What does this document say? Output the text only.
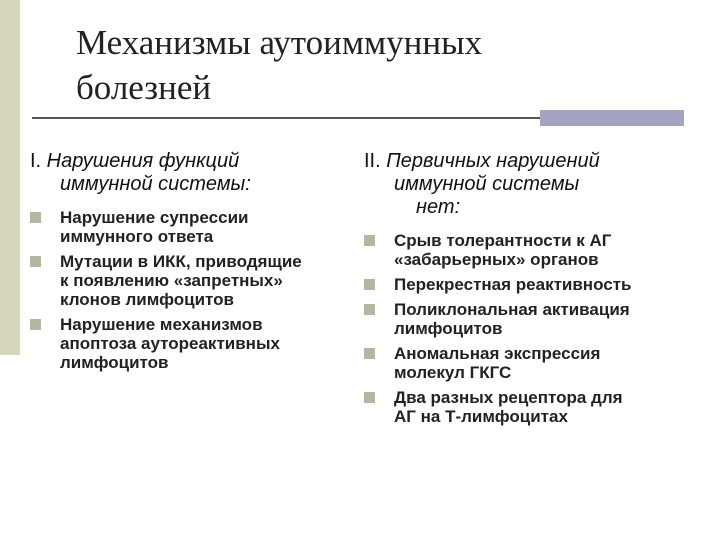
Механизмы аутоиммунных
болезней
I. Нарушения функций
иммунной системы:
Нарушение супрессии
иммунного ответа
Мутации в ИКК, приводящие
к появлению «запретных»
клонов лимфоцитов
Нарушение механизмов
апоптоза аутореактивных
лимфоцитов
II. Первичных нарушений
иммунной системы
нет:
Срыв толерантности к АГ
«забарьерных» органов
Перекрестная реактивность
Поликлональная активация
лимфоцитов
Аномальная экспрессия
молекул ГКГС
Два разных рецептора для
АГ на Т-лимфоцитах
